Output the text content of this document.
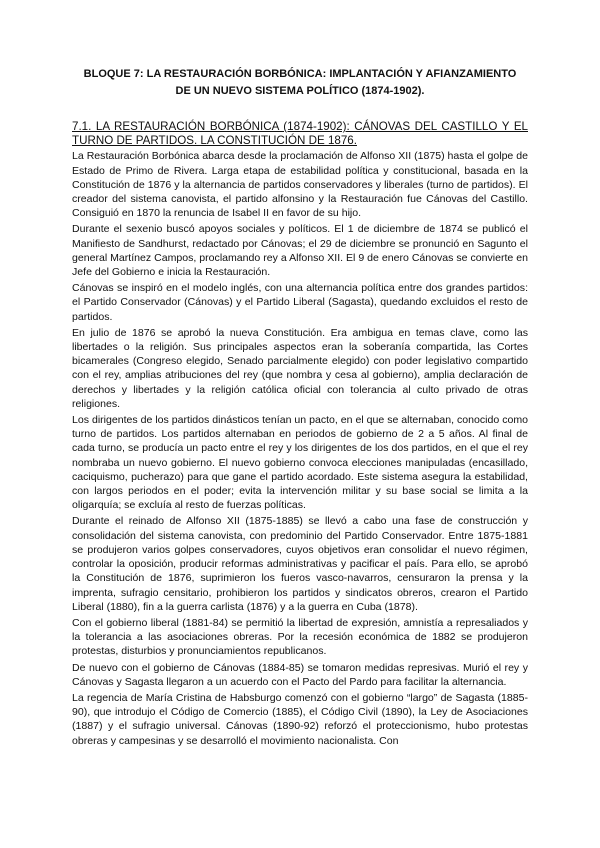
BLOQUE 7: LA RESTAURACIÓN BORBÓNICA: IMPLANTACIÓN Y AFIANZAMIENTO
DE UN NUEVO SISTEMA POLÍTICO (1874-1902).
7.1. LA RESTAURACIÓN BORBÓNICA (1874-1902): CÁNOVAS DEL CASTILLO Y EL TURNO DE PARTIDOS. LA CONSTITUCIÓN DE 1876.

La Restauración Borbónica abarca desde la proclamación de Alfonso XII (1875) hasta el golpe de Estado de Primo de Rivera. Larga etapa de estabilidad política y constitucional, basada en la Constitución de 1876 y la alternancia de partidos conservadores y liberales (turno de partidos). El creador del sistema canovista, el partido alfonsino y la Restauración fue Cánovas del Castillo. Consiguió en 1870 la renuncia de Isabel II en favor de su hijo.

Durante el sexenio buscó apoyos sociales y políticos. El 1 de diciembre de 1874 se publicó el Manifiesto de Sandhurst, redactado por Cánovas; el 29 de diciembre se pronunció en Sagunto el general Martínez Campos, proclamando rey a Alfonso XII. El 9 de enero Cánovas se convierte en Jefe del Gobierno e inicia la Restauración.

Cánovas se inspiró en el modelo inglés, con una alternancia política entre dos grandes partidos: el Partido Conservador (Cánovas) y el Partido Liberal (Sagasta), quedando excluidos el resto de partidos.

En julio de 1876 se aprobó la nueva Constitución. Era ambigua en temas clave, como las libertades o la religión. Sus principales aspectos eran la soberanía compartida, las Cortes bicamerales (Congreso elegido, Senado parcialmente elegido) con poder legislativo compartido con el rey, amplias atribuciones del rey (que nombra y cesa al gobierno), amplia declaración de derechos y libertades y la religión católica oficial con tolerancia al culto privado de otras religiones.

Los dirigentes de los partidos dinásticos tenían un pacto, en el que se alternaban, conocido como turno de partidos. Los partidos alternaban en periodos de gobierno de 2 a 5 años. Al final de cada turno, se producía un pacto entre el rey y los dirigentes de los dos partidos, en el que el rey nombraba un nuevo gobierno. El nuevo gobierno convoca elecciones manipuladas (encasillado, caciquismo, pucherazo) para que gane el partido acordado. Este sistema asegura la estabilidad, con largos periodos en el poder; evita la intervención militar y su base social se limita a la oligarquía; se excluía al resto de fuerzas políticas.

Durante el reinado de Alfonso XII (1875-1885) se llevó a cabo una fase de construcción y consolidación del sistema canovista, con predominio del Partido Conservador. Entre 1875-1881 se produjeron varios golpes conservadores, cuyos objetivos eran consolidar el nuevo régimen, controlar la oposición, producir reformas administrativas y pacificar el país. Para ello, se aprobó la Constitución de 1876, suprimieron los fueros vasco-navarros, censuraron la prensa y la imprenta, sufragio censitario, prohibieron los partidos y sindicatos obreros, crearon el Partido Liberal (1880), fin a la guerra carlista (1876) y a la guerra en Cuba (1878).

Con el gobierno liberal (1881-84) se permitió la libertad de expresión, amnistía a represaliados y la tolerancia a las asociaciones obreras. Por la recesión económica de 1882 se produjeron protestas, disturbios y pronunciamientos republicanos.

De nuevo con el gobierno de Cánovas (1884-85) se tomaron medidas represivas. Murió el rey y Cánovas y Sagasta llegaron a un acuerdo con el Pacto del Pardo para facilitar la alternancia.

La regencia de María Cristina de Habsburgo comenzó con el gobierno “largo” de Sagasta (1885-90), que introdujo el Código de Comercio (1885), el Código Civil (1890), la Ley de Asociaciones (1887) y el sufragio universal. Cánovas (1890-92) reforzó el proteccionismo, hubo protestas obreras y campesinas y se desarrolló el movimiento nacionalista. Con
